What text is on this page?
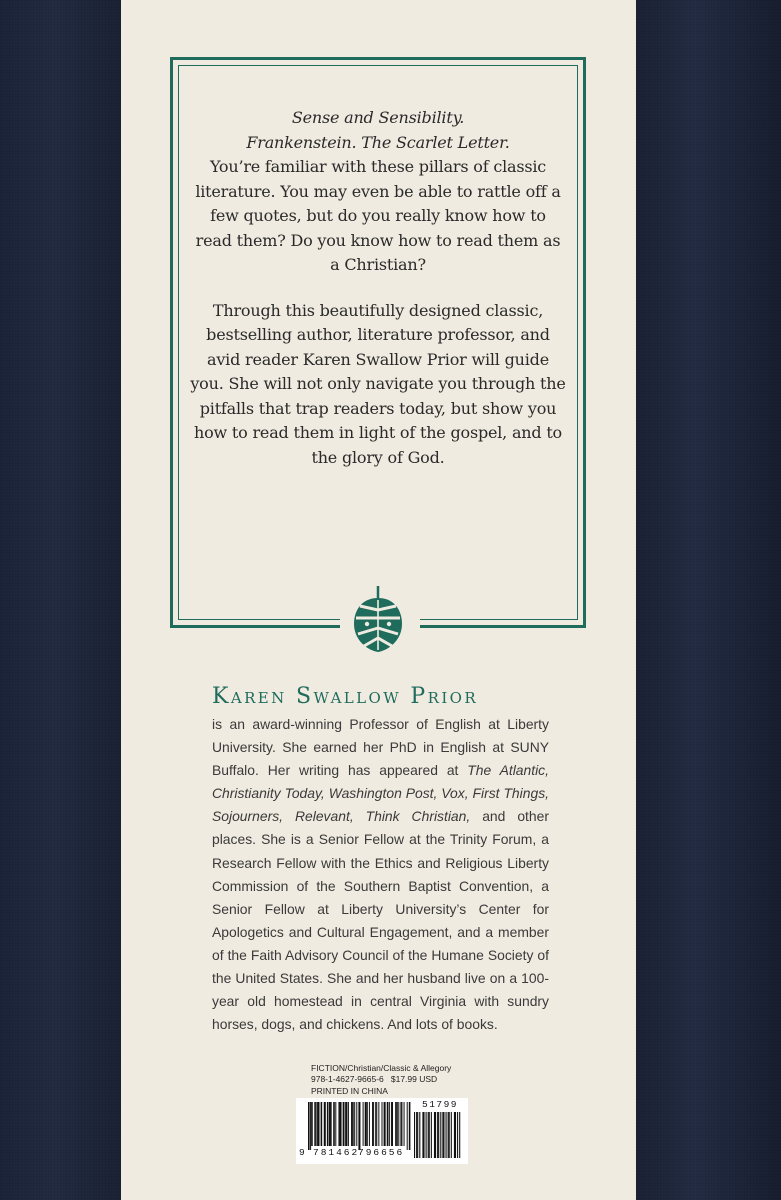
Sense and Sensibility.
Frankenstein. The Scarlet Letter.
You’re familiar with these pillars of classic literature. You may even be able to rattle off a few quotes, but do you really know how to read them? Do you know how to read them as a Christian?

Through this beautifully designed classic, bestselling author, literature professor, and avid reader Karen Swallow Prior will guide you. She will not only navigate you through the pitfalls that trap readers today, but show you how to read them in light of the gospel, and to the glory of God.

Karen Swallow Prior
is an award-winning Professor of English at Liberty University. She earned her PhD in English at SUNY Buffalo. Her writing has appeared at The Atlantic, Christianity Today, Washington Post, Vox, First Things, Sojourners, Relevant, Think Christian, and other places. She is a Senior Fellow at the Trinity Forum, a Research Fellow with the Ethics and Religious Liberty Commission of the Southern Baptist Convention, a Senior Fellow at Liberty University’s Center for Apologetics and Cultural Engagement, and a member of the Faith Advisory Council of the Humane Society of the United States. She and her husband live on a 100-year old homestead in central Virginia with sundry horses, dogs, and chickens. And lots of books.
FICTION/Christian/Classic & Allegory
978-1-4627-9665-6 $17.99 USD
PRINTED IN CHINA
9 781462
796656
51799
